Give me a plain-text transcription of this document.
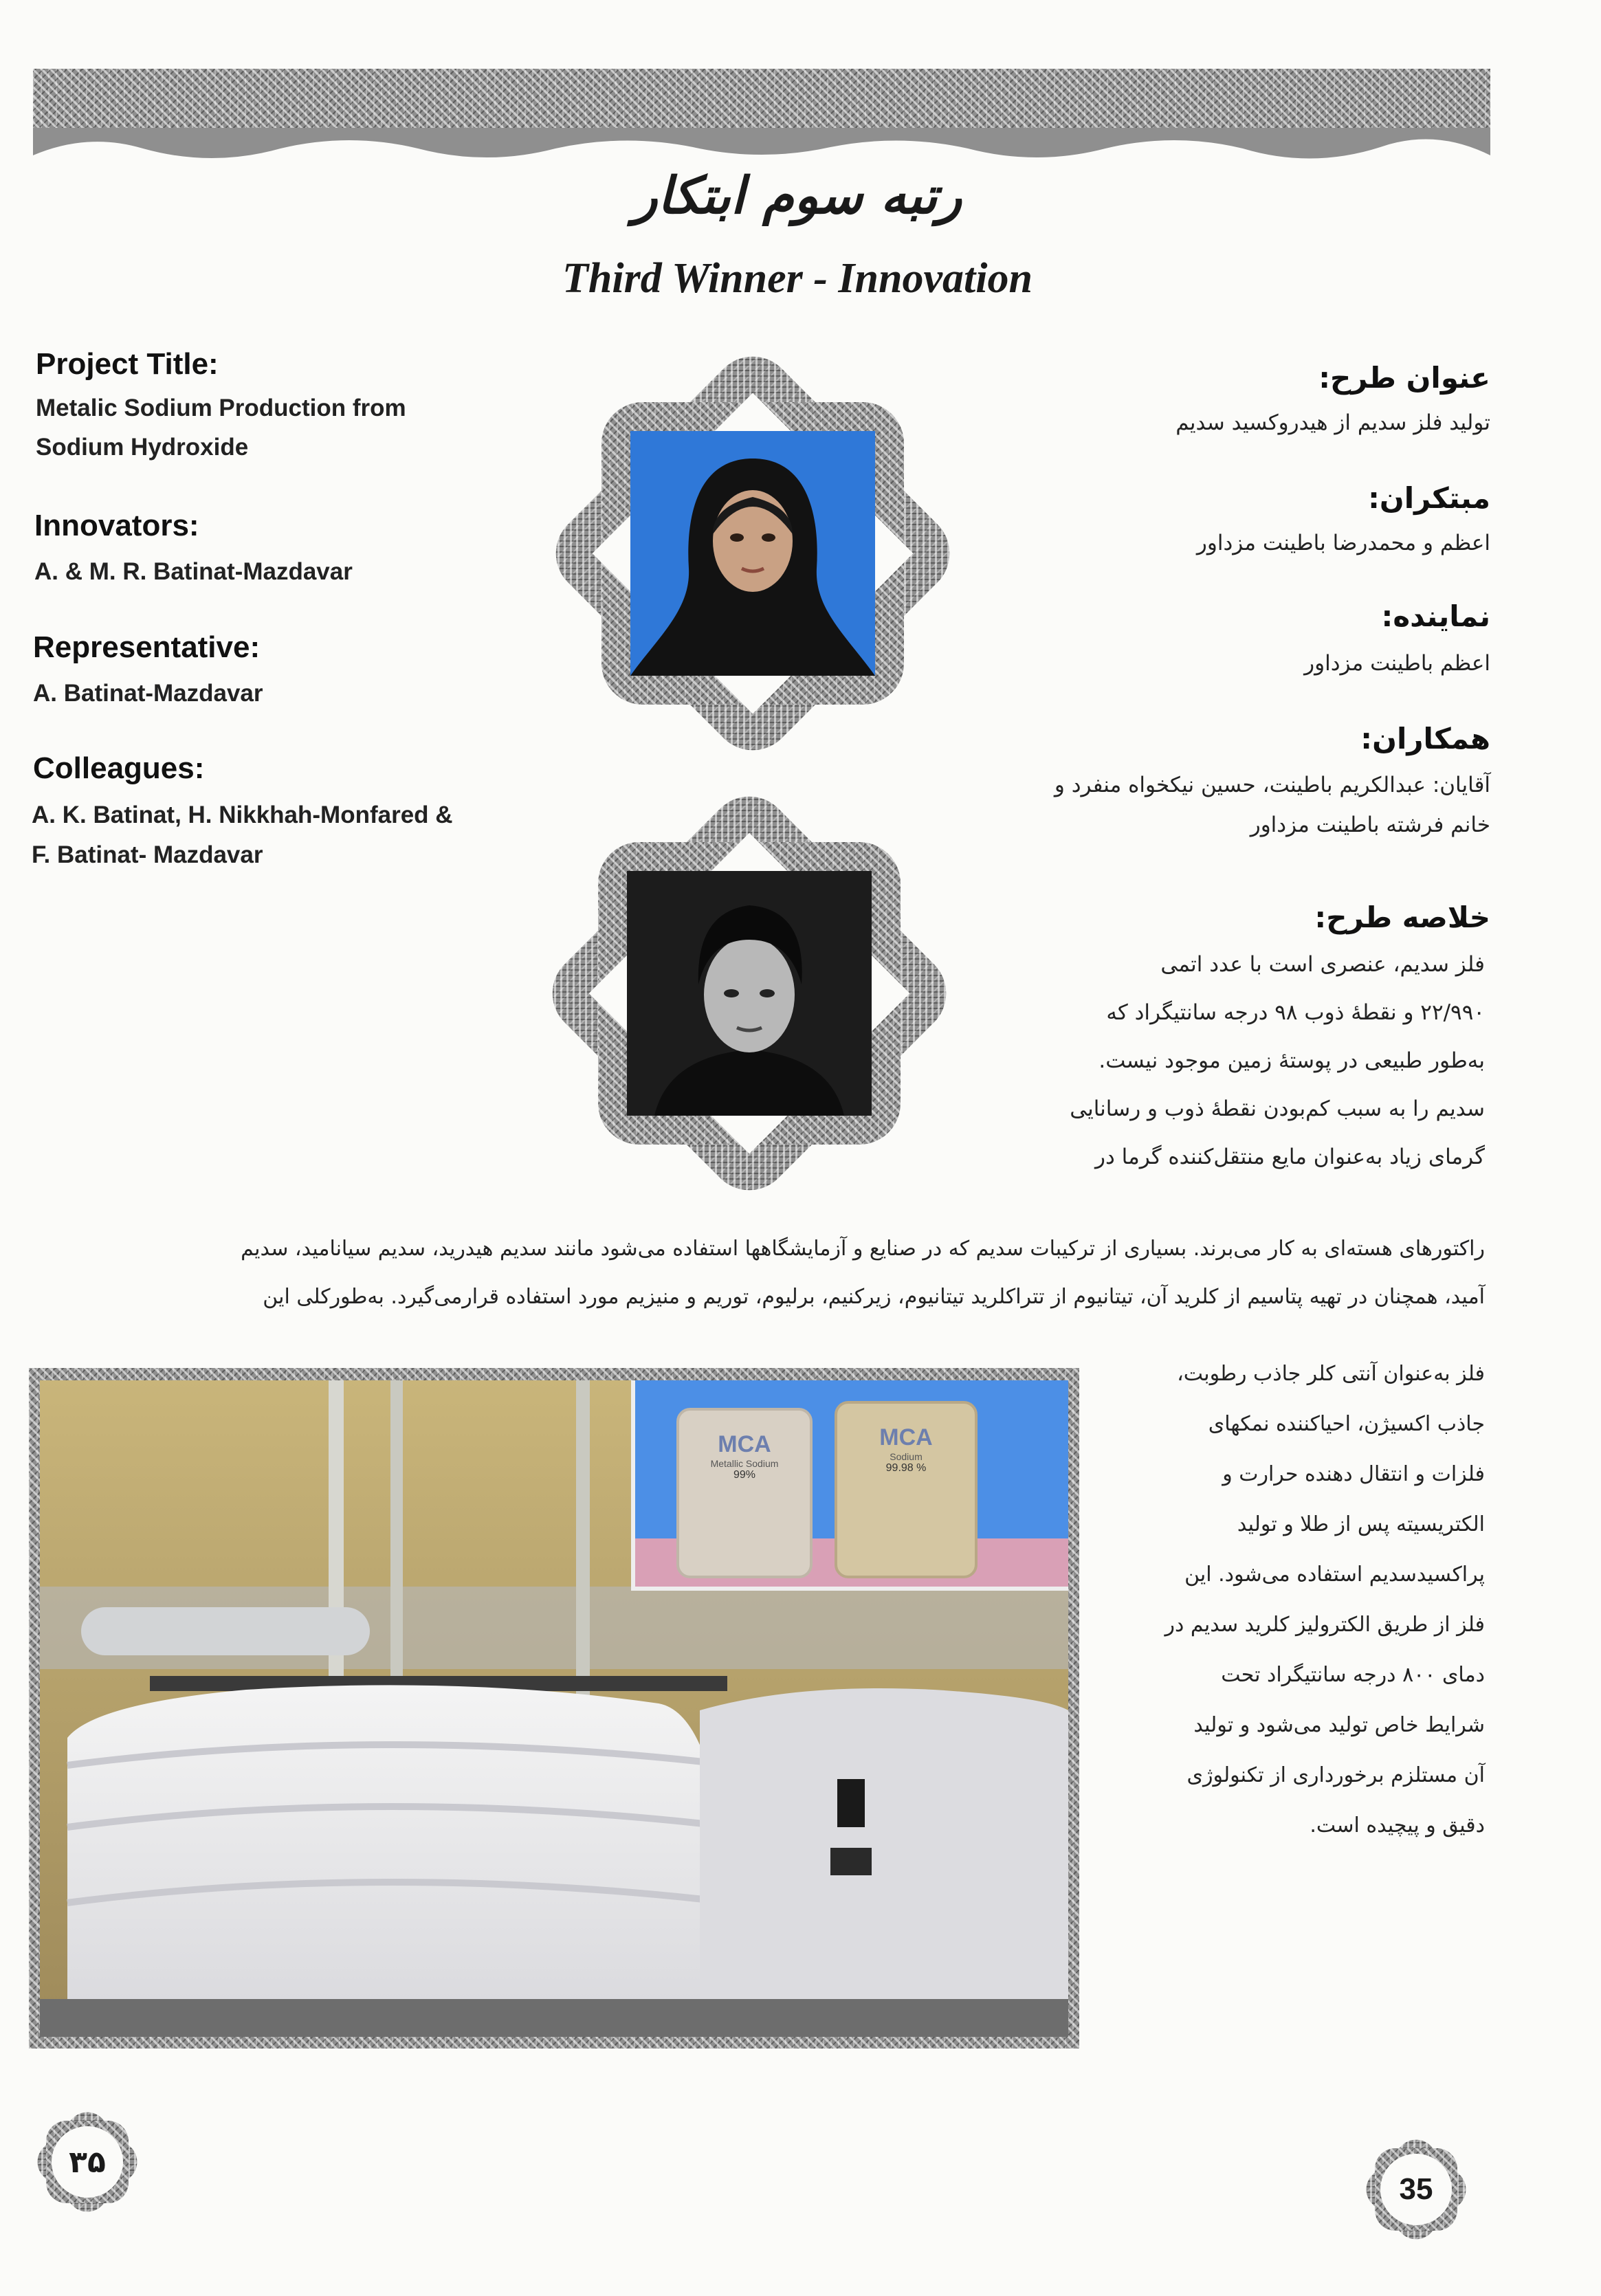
رتبه سوم ابتکار
Third Winner - Innovation
Project Title:
Metalic Sodium Production from
Sodium Hydroxide
Innovators:
A. & M. R. Batinat-Mazdavar
Representative:
A. Batinat-Mazdavar
Colleagues:
A. K. Batinat, H. Nikkhah-Monfared &
F. Batinat- Mazdavar
عنوان طرح:
تولید فلز سدیم از هیدروکسید سدیم
مبتکران:
اعظم و محمدرضا باطینت مزداور
نماینده:
اعظم باطینت مزداور
همکاران:
آقایان: عبدالکریم باطینت، حسین نیکخواه منفرد و
خانم فرشته باطینت مزداور
خلاصه طرح:
فلز سدیم، عنصری است با عدد اتمی
۲۲/۹۹۰ و نقطهٔ ذوب ۹۸ درجه سانتیگراد که
به‌طور طبیعی در پوستهٔ زمین موجود نیست.
سدیم را به سبب کم‌بودن نقطهٔ ذوب و رسانایی
گرمای زیاد به‌عنوان مایع منتقل‌کننده گرما در
راکتورهای هسته‌ای به کار می‌برند. بسیاری از ترکیبات سدیم که در صنایع و آزمایشگاهها استفاده می‌شود مانند سدیم هیدرید، سدیم سیانامید، سدیم
آمید، همچنان در تهیه پتاسیم از کلرید آن، تیتانیوم از تتراکلرید تیتانیوم، زیرکنیم، برلیوم، توریم و منیزیم مورد استفاده قرارمی‌گیرد. به‌طورکلی این
فلز به‌عنوان آنتی کلر جاذب رطوبت،
جاذب اکسیژن، احیاکننده نمکهای
فلزات و انتقال دهنده حرارت و
الکتریسیته پس از طلا و تولید
پراکسیدسدیم استفاده می‌شود. این
فلز از طریق الکترولیز کلرید سدیم در
دمای ۸۰۰ درجه سانتیگراد تحت
شرایط خاص تولید می‌شود و تولید
آن مستلزم برخورداری از تکنولوژی
دقیق و پیچیده است.
MCA
Metallic Sodium
99%
MCA
Sodium
99.98 %
۳۵
35
